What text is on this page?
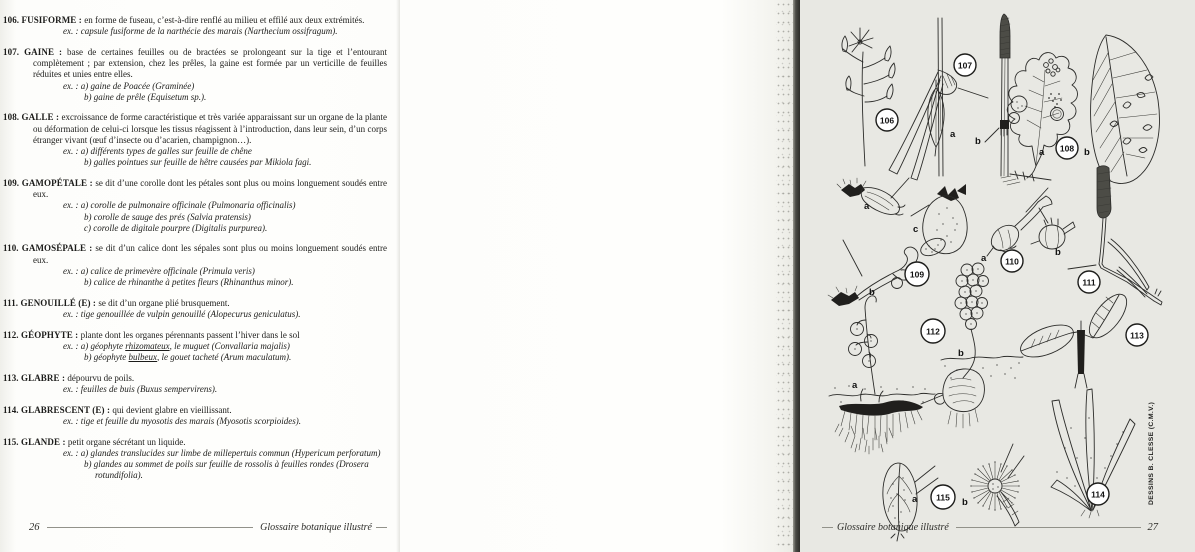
106. FUSIFORME : en forme de fuseau, c’est-à-dire renflé au milieu et effilé aux deux extrémités.

ex. : capsule fusiforme de la narthécie des marais (Narthecium ossifragum).

107. GAINE : base de certaines feuilles ou de bractées se prolongeant sur la tige et l’entourant complètement ; par extension, chez les prêles, la gaine est formée par un verticille de feuilles réduites et unies entre elles.

ex. : a) gaine de Poacée (Graminée)

b) gaine de prêle (Equisetum sp.).

108. GALLE : excroissance de forme caractéristique et très variée apparaissant sur un organe de la plante ou déformation de celui-ci lorsque les tissus réagissent à l’introduction, dans leur sein, d’un corps étranger vivant (œuf d’insecte ou d’acarien, champignon…).

ex. : a) différents types de galles sur feuille de chêne

b) galles pointues sur feuille de hêtre causées par Mikiola fagi.

109. GAMOPÉTALE : se dit d’une corolle dont les pétales sont plus ou moins longuement soudés entre eux.

ex. : a) corolle de pulmonaire officinale (Pulmonaria officinalis)

b) corolle de sauge des prés (Salvia pratensis)

c) corolle de digitale pourpre (Digitalis purpurea).

110. GAMOSÉPALE : se dit d’un calice dont les sépales sont plus ou moins longuement soudés entre eux.

ex. : a) calice de primevère officinale (Primula veris)

b) calice de rhinanthe à petites fleurs (Rhinanthus minor).

111. GENOUILLÉ (E) : se dit d’un organe plié brusquement.

ex. : tige genouillée de vulpin genouillé (Alopecurus geniculatus).

112. GÉOPHYTE : plante dont les organes pérennants passent l’hiver dans le sol

ex. : a) géophyte rhizomateux, le muguet (Convallaria majalis)

b) géophyte bulbeux, le gouet tacheté (Arum maculatum).

113. GLABRE : dépourvu de poils.

ex. : feuilles de buis (Buxus sempervirens).

114. GLABRESCENT (E) : qui devient glabre en vieillissant.

ex. : tige et feuille du myosotis des marais (Myosotis scorpioides).

115. GLANDE : petit organe sécrétant un liquide.

ex. : a) glandes translucides sur limbe de millepertuis commun (Hypericum perforatum)

b) glandes au sommet de poils sur feuille de rossolis à feuilles rondes (Drosera rotundifolia).

26	Glossaire botanique illustré
a
b
a	b
a
b
c
a
b
a
b
a	b
106
107
108
109
110
111
112	113
114
115	DESSINS B. CLESSE (C.M.V.)
Glossaire botanique illustré	27
